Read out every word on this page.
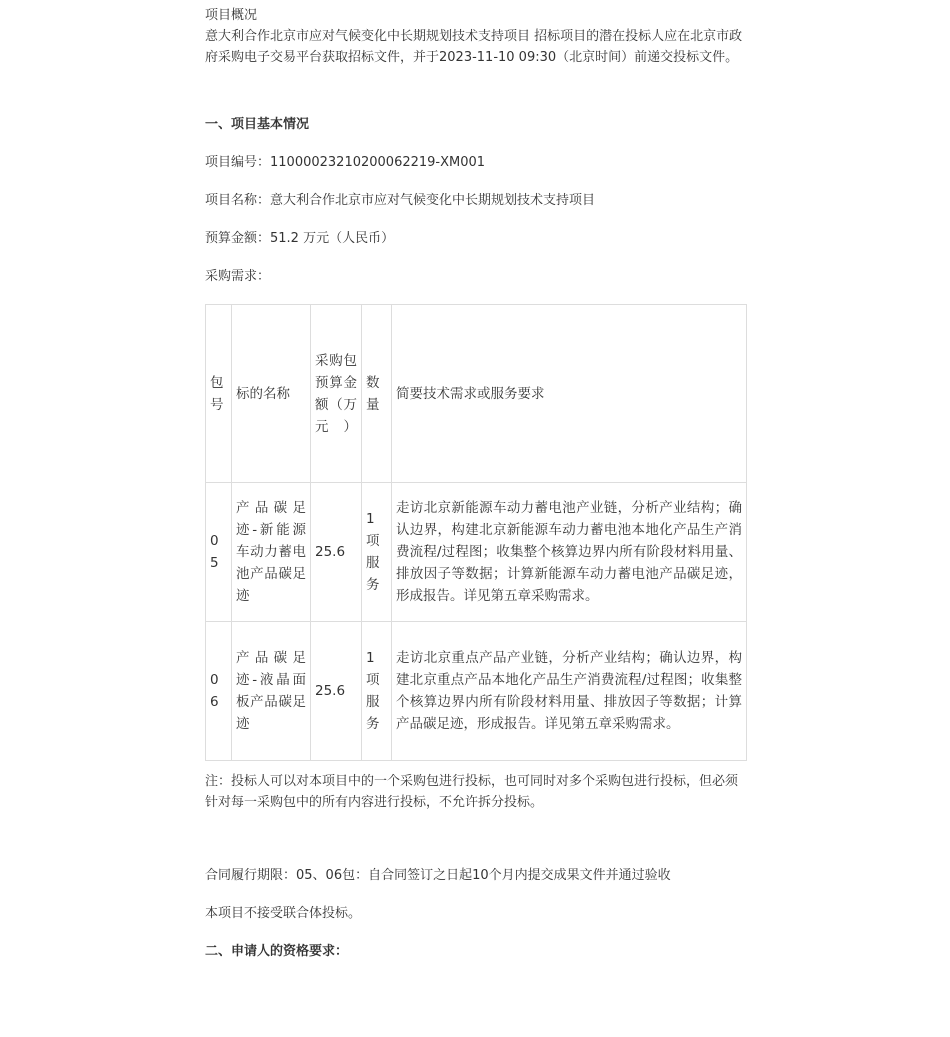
项目概况

意大利合作北京市应对气候变化中长期规划技术支持项目 招标项目的潜在投标人应在北京市政府采购电子交易平台获取招标文件，并于2023-11-10 09:30（北京时间）前递交投标文件。

一、项目基本情况

项目编号：11000023210200062219-XM001

项目名称：意大利合作北京市应对气候变化中长期规划技术支持项目

预算金额：51.2 万元（人民币）

采购需求：

包号	标的名称	采购包预算金额（万元）	数量	简要技术需求或服务要求
05	产品碳足迹-新能源车动力蓄电池产品碳足迹	25.6	1项服务	走访北京新能源车动力蓄电池产业链，分析产业结构；确认边界，构建北京新能源车动力蓄电池本地化产品生产消费流程/过程图；收集整个核算边界内所有阶段材料用量、排放因子等数据；计算新能源车动力蓄电池产品碳足迹，形成报告。详见第五章采购需求。
06	产品碳足迹-液晶面板产品碳足迹	25.6	1项服务	走访北京重点产品产业链，分析产业结构；确认边界，构建北京重点产品本地化产品生产消费流程/过程图；收集整个核算边界内所有阶段材料用量、排放因子等数据；计算产品碳足迹，形成报告。详见第五章采购需求。

注：投标人可以对本项目中的一个采购包进行投标，也可同时对多个采购包进行投标，但必须针对每一采购包中的所有内容进行投标，不允许拆分投标。

合同履行期限：05、06包：自合同签订之日起10个月内提交成果文件并通过验收

本项目不接受联合体投标。

二、申请人的资格要求：
